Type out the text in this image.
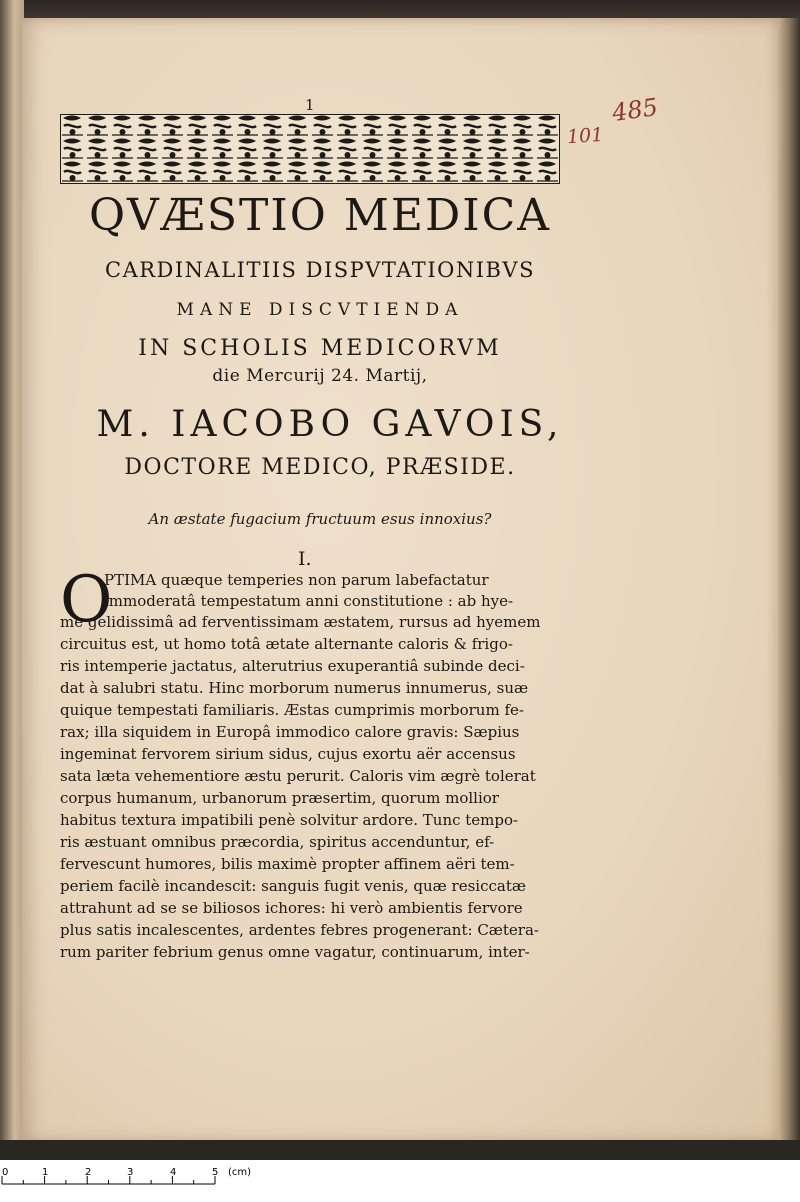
1	485
101
QVÆSTIO MEDICA
CARDINALITIIS DISPVTATIONIBVS
MANE DISCVTIENDA
IN SCHOLIS MEDICORVM
die Mercurij 24. Martij,
M. IACOBO GAVOIS,
DOCTORE MEDICO, PRÆSIDE.
An æstate fugacium fructuum esus innoxius?
I.
O
PTIMA quæque temperies non parum labefactatur
immoderatâ tempestatum anni constitutione : ab hye-
me gelidissimâ ad ferventissimam æstatem, rursus ad hyemem
circuitus est, ut homo totâ ætate alternante caloris & frigo-
ris intemperie jactatus, alterutrius exuperantiâ subinde deci-
dat à salubri statu. Hinc morborum numerus innumerus, suæ
quique tempestati familiaris. Æstas cumprimis morborum fe-
rax; illa siquidem in Europâ immodico calore gravis: Sæpius
ingeminat fervorem sirium sidus, cujus exortu aër accensus
sata læta vehementiore æstu perurit. Caloris vim ægrè tolerat
corpus humanum, urbanorum præsertim, quorum mollior
habitus textura impatibili penè solvitur ardore. Tunc tempo-
ris æstuant omnibus præcordia, spiritus accenduntur, ef-
fervescunt humores, bilis maximè propter affinem aëri tem-
periem facilè incandescit: sanguis fugit venis, quæ resiccatæ
attrahunt ad se se biliosos ichores: hi verò ambientis fervore
plus satis incalescentes, ardentes febres progenerant: Cætera-
rum pariter febrium genus omne vagatur, continuarum, inter-
0	1	2	3	4	5 (cm)
